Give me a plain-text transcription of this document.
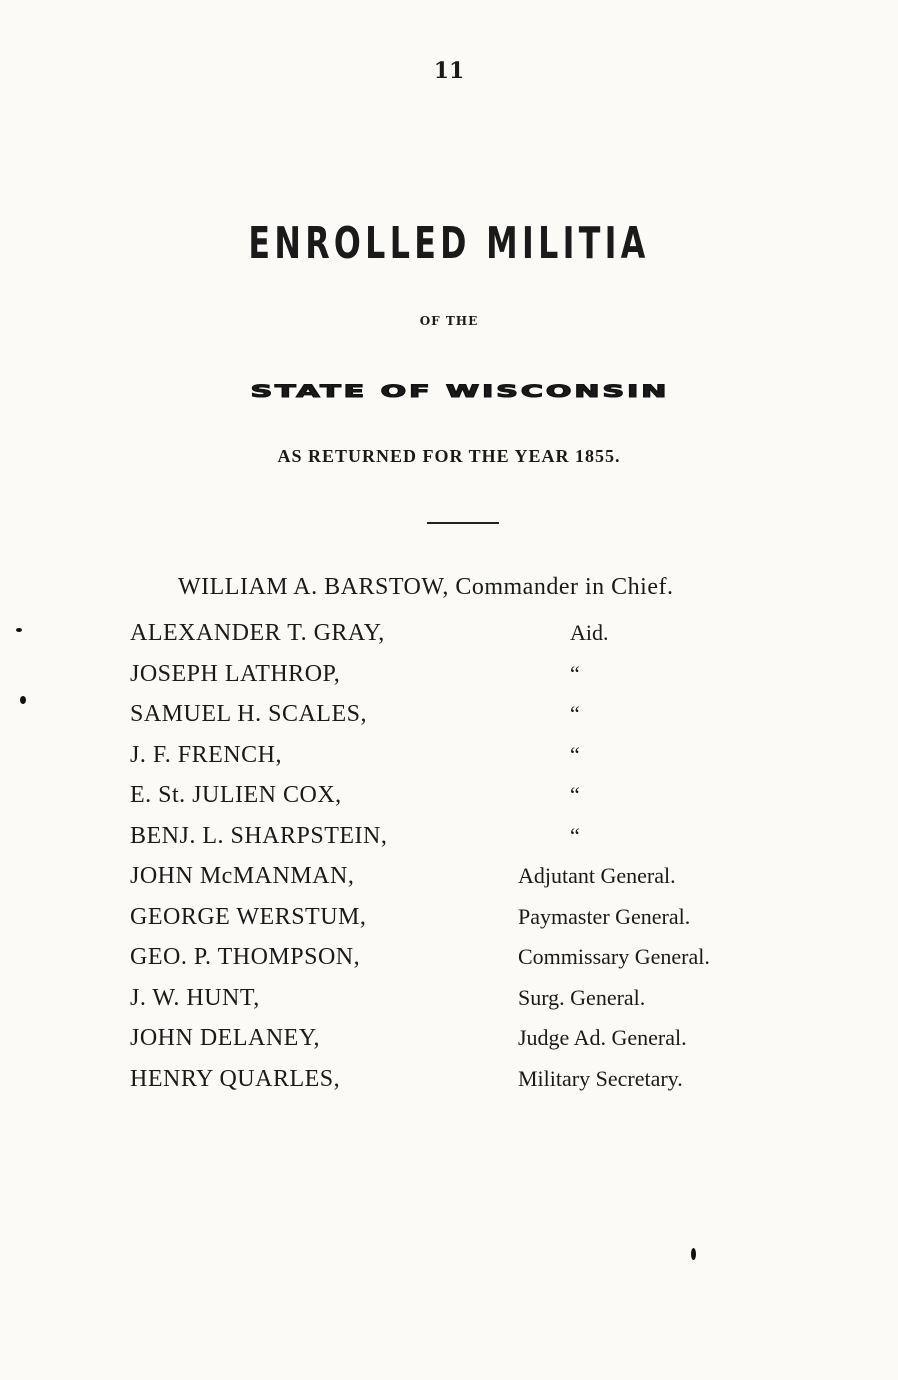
11
ENROLLED MILITIA
OF THE
STATE OF WISCONSIN
AS RETURNED FOR THE YEAR 1855.
WILLIAM A. BARSTOW, Commander in Chief.
ALEXANDER T. GRAY,	Aid.
JOSEPH LATHROP,	“
SAMUEL H. SCALES,	“
J. F. FRENCH,	“
E. St. JULIEN COX,	“
BENJ. L. SHARPSTEIN,	“
JOHN McMANMAN,	Adjutant General.
GEORGE WERSTUM,	Paymaster General.
GEO. P. THOMPSON,	Commissary General.
J. W. HUNT,	Surg. General.
JOHN DELANEY,	Judge Ad. General.
HENRY QUARLES,	Military Secretary.
